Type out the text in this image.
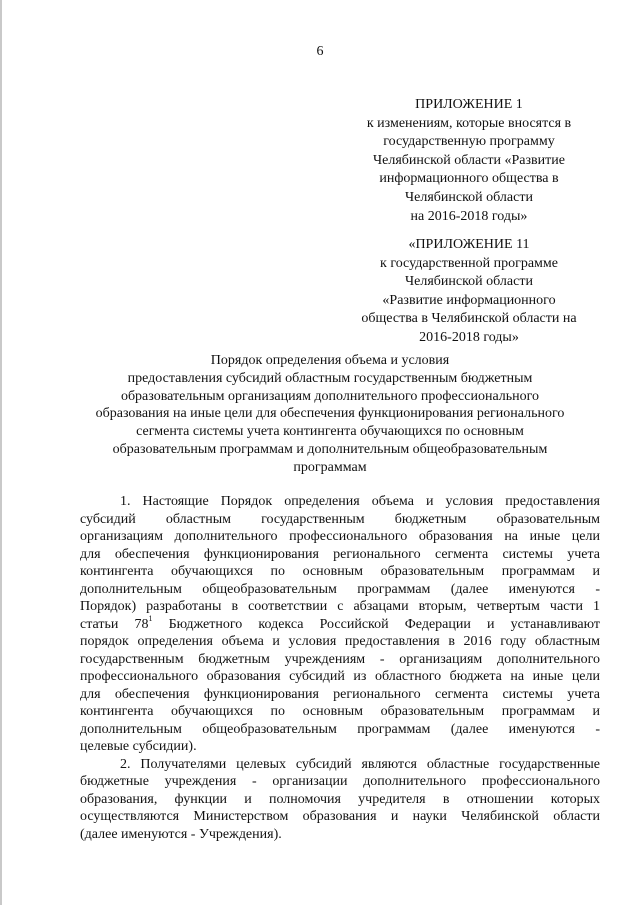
6
ПРИЛОЖЕНИЕ 1
к изменениям, которые вносятся в
государственную программу
Челябинской области «Развитие
информационного общества в
Челябинской области
на 2016-2018 годы»
«ПРИЛОЖЕНИЕ 11
к государственной программе
Челябинской области
«Развитие информационного
общества в Челябинской области на
2016-2018 годы»
Порядок определения объема и условия
предоставления субсидий областным государственным бюджетным
образовательным организациям дополнительного профессионального
образования на иные цели для обеспечения функционирования регионального
сегмента системы учета контингента обучающихся по основным
образовательным программам и дополнительным общеобразовательным
программам
1. Настоящие Порядок определения объема и условия предоставления
субсидий областным государственным бюджетным образовательным
организациям дополнительного профессионального образования на иные цели
для обеспечения функционирования регионального сегмента системы учета
контингента обучающихся по основным образовательным программам и
дополнительным общеобразовательным программам (далее именуются -
Порядок) разработаны в соответствии с абзацами вторым, четвертым части 1
статьи $78^1$ Бюджетного кодекса Российской Федерации и устанавливают
порядок определения объема и условия предоставления в 2016 году областным
государственным бюджетным учреждениям - организациям дополнительного
профессионального образования субсидий из областного бюджета на иные цели
для обеспечения функционирования регионального сегмента системы учета
контингента обучающихся по основным образовательным программам и
дополнительным общеобразовательным программам (далее именуются -
целевые субсидии).
2. Получателями целевых субсидий являются областные государственные
бюджетные учреждения - организации дополнительного профессионального
образования, функции и полномочия учредителя в отношении которых
осуществляются Министерством образования и науки Челябинской области
(далее именуются - Учреждения).
